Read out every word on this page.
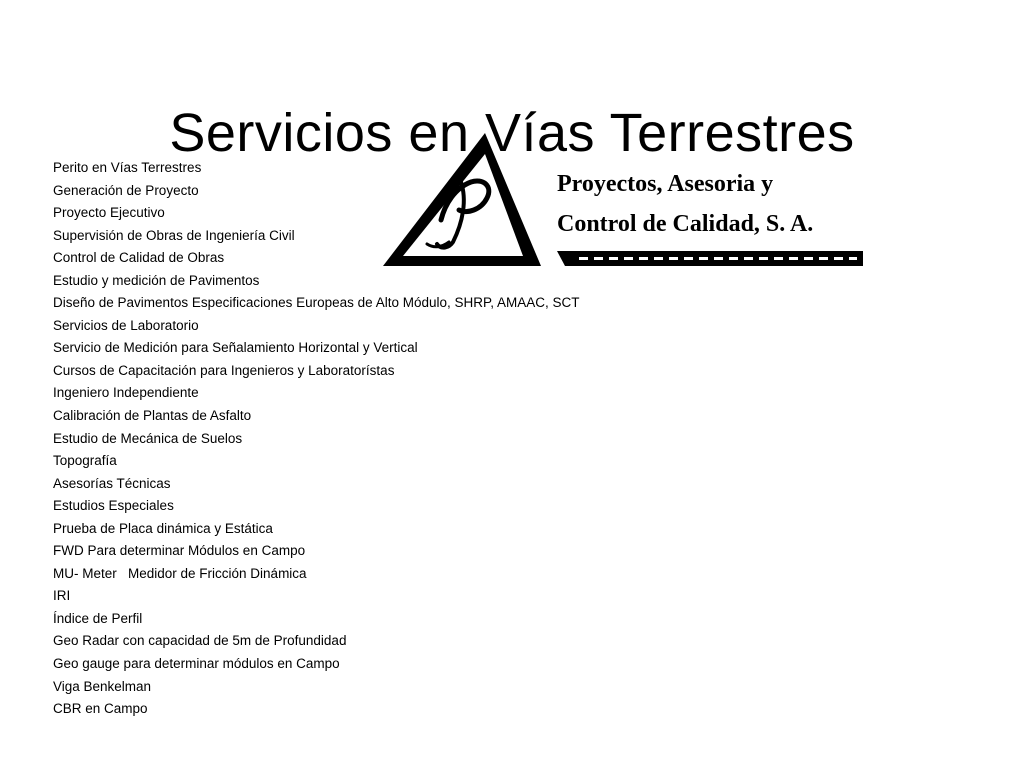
Servicios en Vías Terrestres
Perito en Vías Terrestres
Generación de Proyecto
Proyecto Ejecutivo
Supervisión de Obras de Ingeniería Civil
Control de Calidad de Obras
Estudio y medición de Pavimentos
Diseño de Pavimentos Especificaciones Europeas de Alto Módulo, SHRP, AMAAC, SCT
Servicios de Laboratorio
Servicio de Medición para Señalamiento Horizontal y Vertical
Cursos de Capacitación para Ingenieros y Laboratorístas
Ingeniero Independiente
Calibración de Plantas de Asfalto
Estudio de Mecánica de Suelos
Topografía
Asesorías Técnicas
Estudios Especiales
Prueba de Placa dinámica y Estática
FWD Para determinar Módulos en Campo
MU- Meter   Medidor de Fricción Dinámica
IRI
Índice de Perfil
Geo Radar con capacidad de 5m de Profundidad
Geo gauge para determinar módulos en Campo
Viga Benkelman
CBR en Campo
Proyectos, Asesoria y
Control de Calidad, S. A.
